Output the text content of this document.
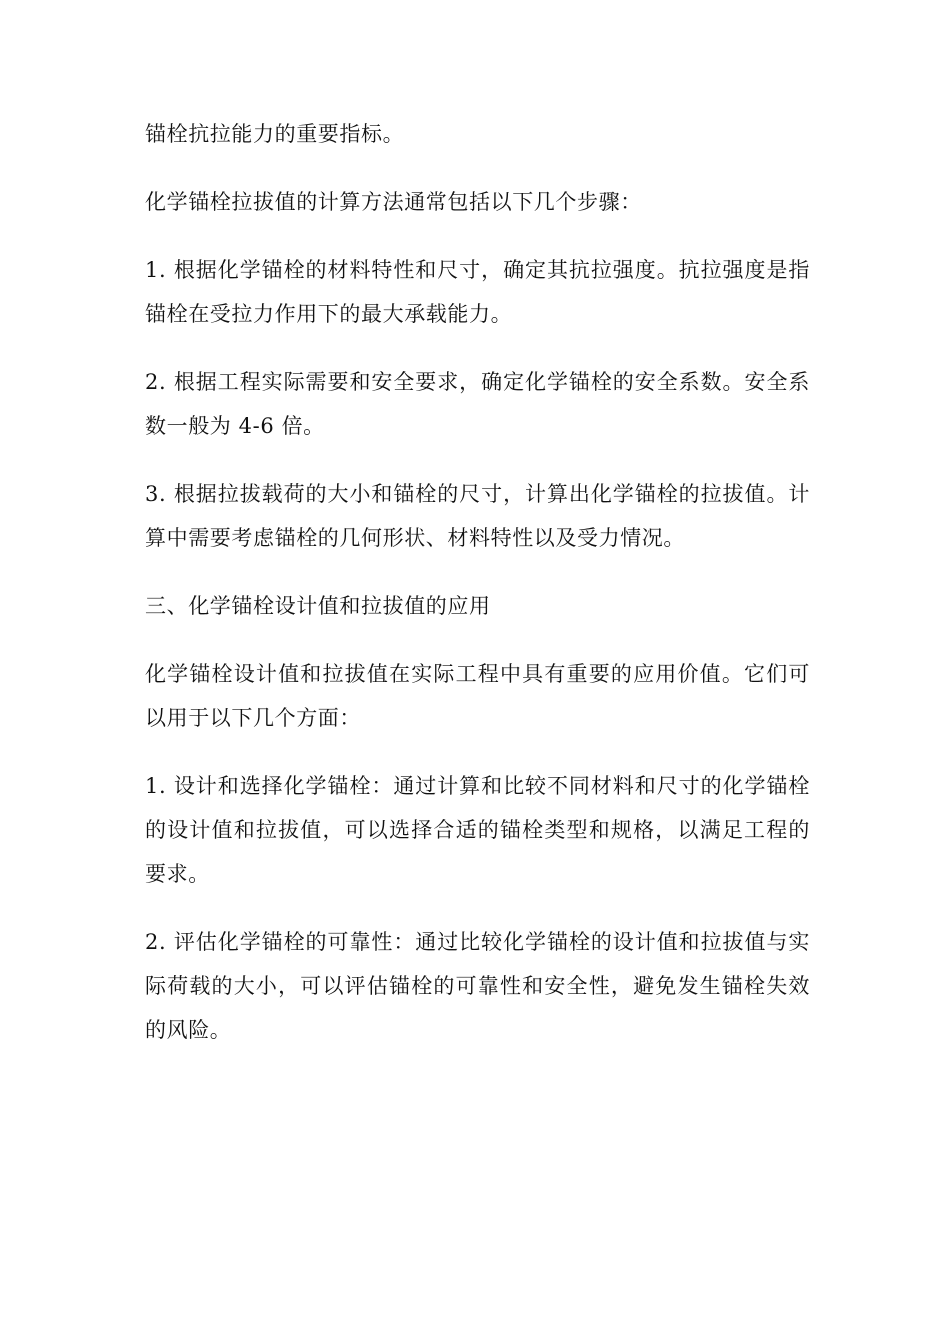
锚栓抗拉能力的重要指标。

化学锚栓拉拔值的计算方法通常包括以下几个步骤：

1. 根据化学锚栓的材料特性和尺寸，确定其抗拉强度。抗拉强度是指锚栓在受拉力作用下的最大承载能力。

2. 根据工程实际需要和安全要求，确定化学锚栓的安全系数。安全系数一般为 4-6 倍。

3. 根据拉拔载荷的大小和锚栓的尺寸，计算出化学锚栓的拉拔值。计算中需要考虑锚栓的几何形状、材料特性以及受力情况。

三、化学锚栓设计值和拉拔值的应用

化学锚栓设计值和拉拔值在实际工程中具有重要的应用价值。它们可以用于以下几个方面：

1. 设计和选择化学锚栓：通过计算和比较不同材料和尺寸的化学锚栓的设计值和拉拔值，可以选择合适的锚栓类型和规格，以满足工程的要求。

2. 评估化学锚栓的可靠性：通过比较化学锚栓的设计值和拉拔值与实际荷载的大小，可以评估锚栓的可靠性和安全性，避免发生锚栓失效的风险。
